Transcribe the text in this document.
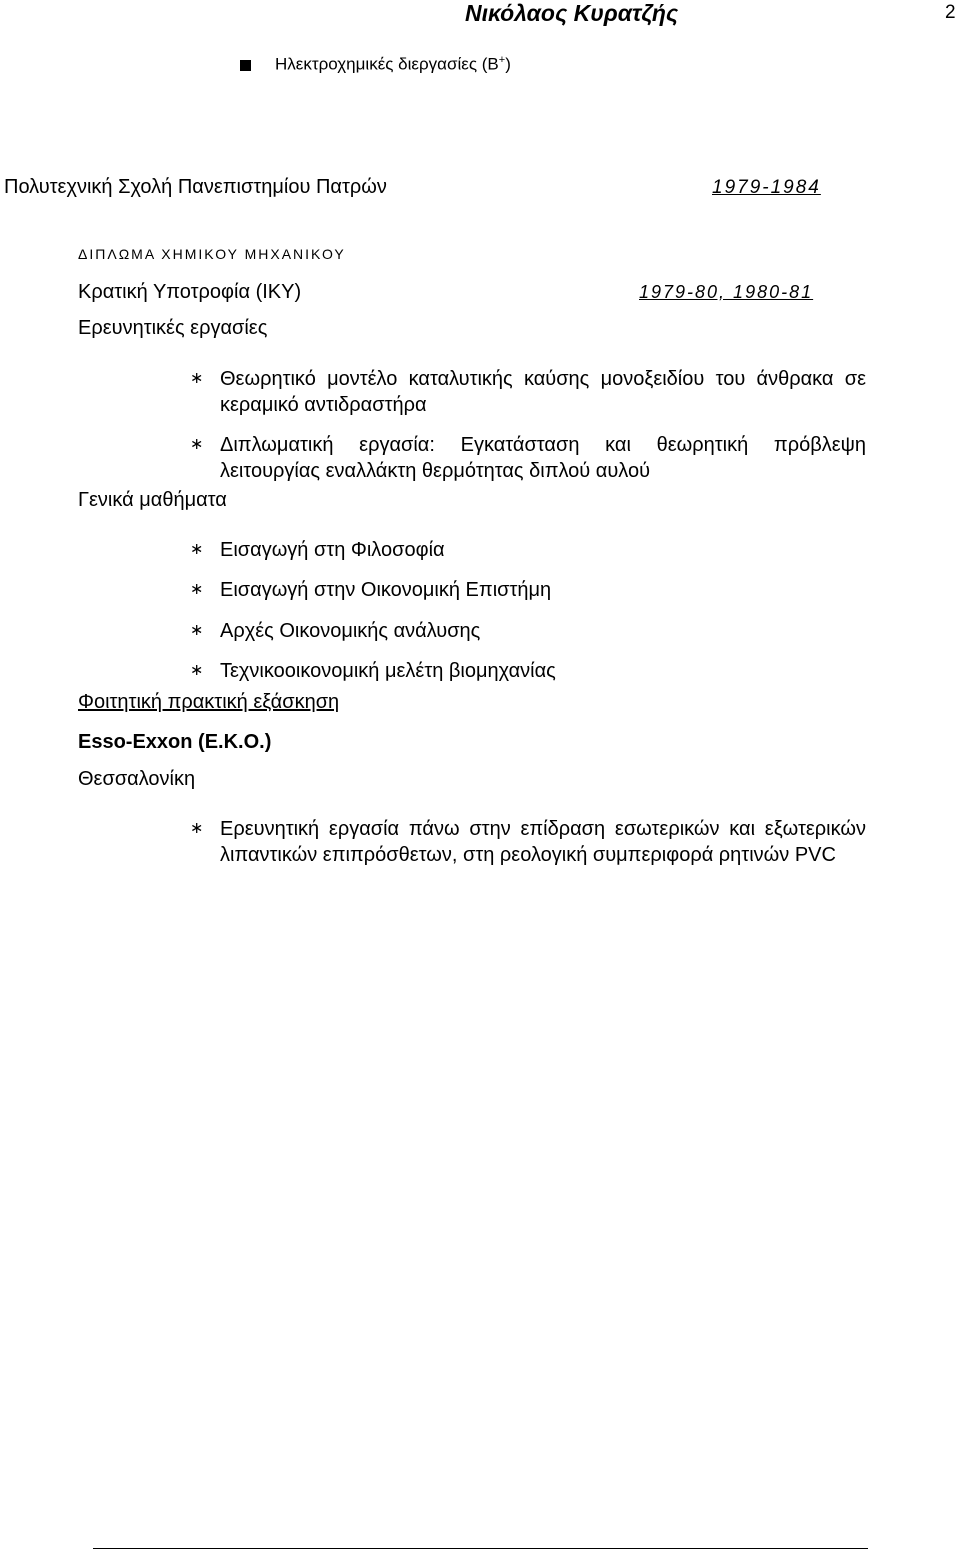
Νικόλαος Κυρατζής	2
Ηλεκτροχημικές διεργασίες (Β+)
Πολυτεχνική Σχολή Πανεπιστημίου Πατρών	1979-1984
ΔΙΠΛΩΜΑ ΧΗΜΙΚΟΥ ΜΗΧΑΝΙΚΟΥ
Κρατική Υποτροφία (ΙΚΥ)	1979-80, 1980-81
Ερευνητικές εργασίες
∗ Θεωρητικό μοντέλο καταλυτικής καύσης μονοξειδίου του άνθρακα σε κεραμικό αντιδραστήρα
∗ Διπλωματική εργασία: Εγκατάσταση και θεωρητική πρόβλεψη λειτουργίας εναλλάκτη θερμότητας διπλού αυλού
Γενικά μαθήματα
∗ Εισαγωγή στη Φιλοσοφία
∗ Εισαγωγή στην Οικονομική Επιστήμη
∗ Αρχές Οικονομικής ανάλυσης
∗ Τεχνικοοικονομική μελέτη βιομηχανίας
Φοιτητική πρακτική εξάσκηση
Esso-Exxon (E.K.O.)
Θεσσαλονίκη
∗ Ερευνητική εργασία πάνω στην επίδραση εσωτερικών και εξωτερικών λιπαντικών επιπρόσθετων, στη ρεολογική συμπεριφορά ρητινών PVC
